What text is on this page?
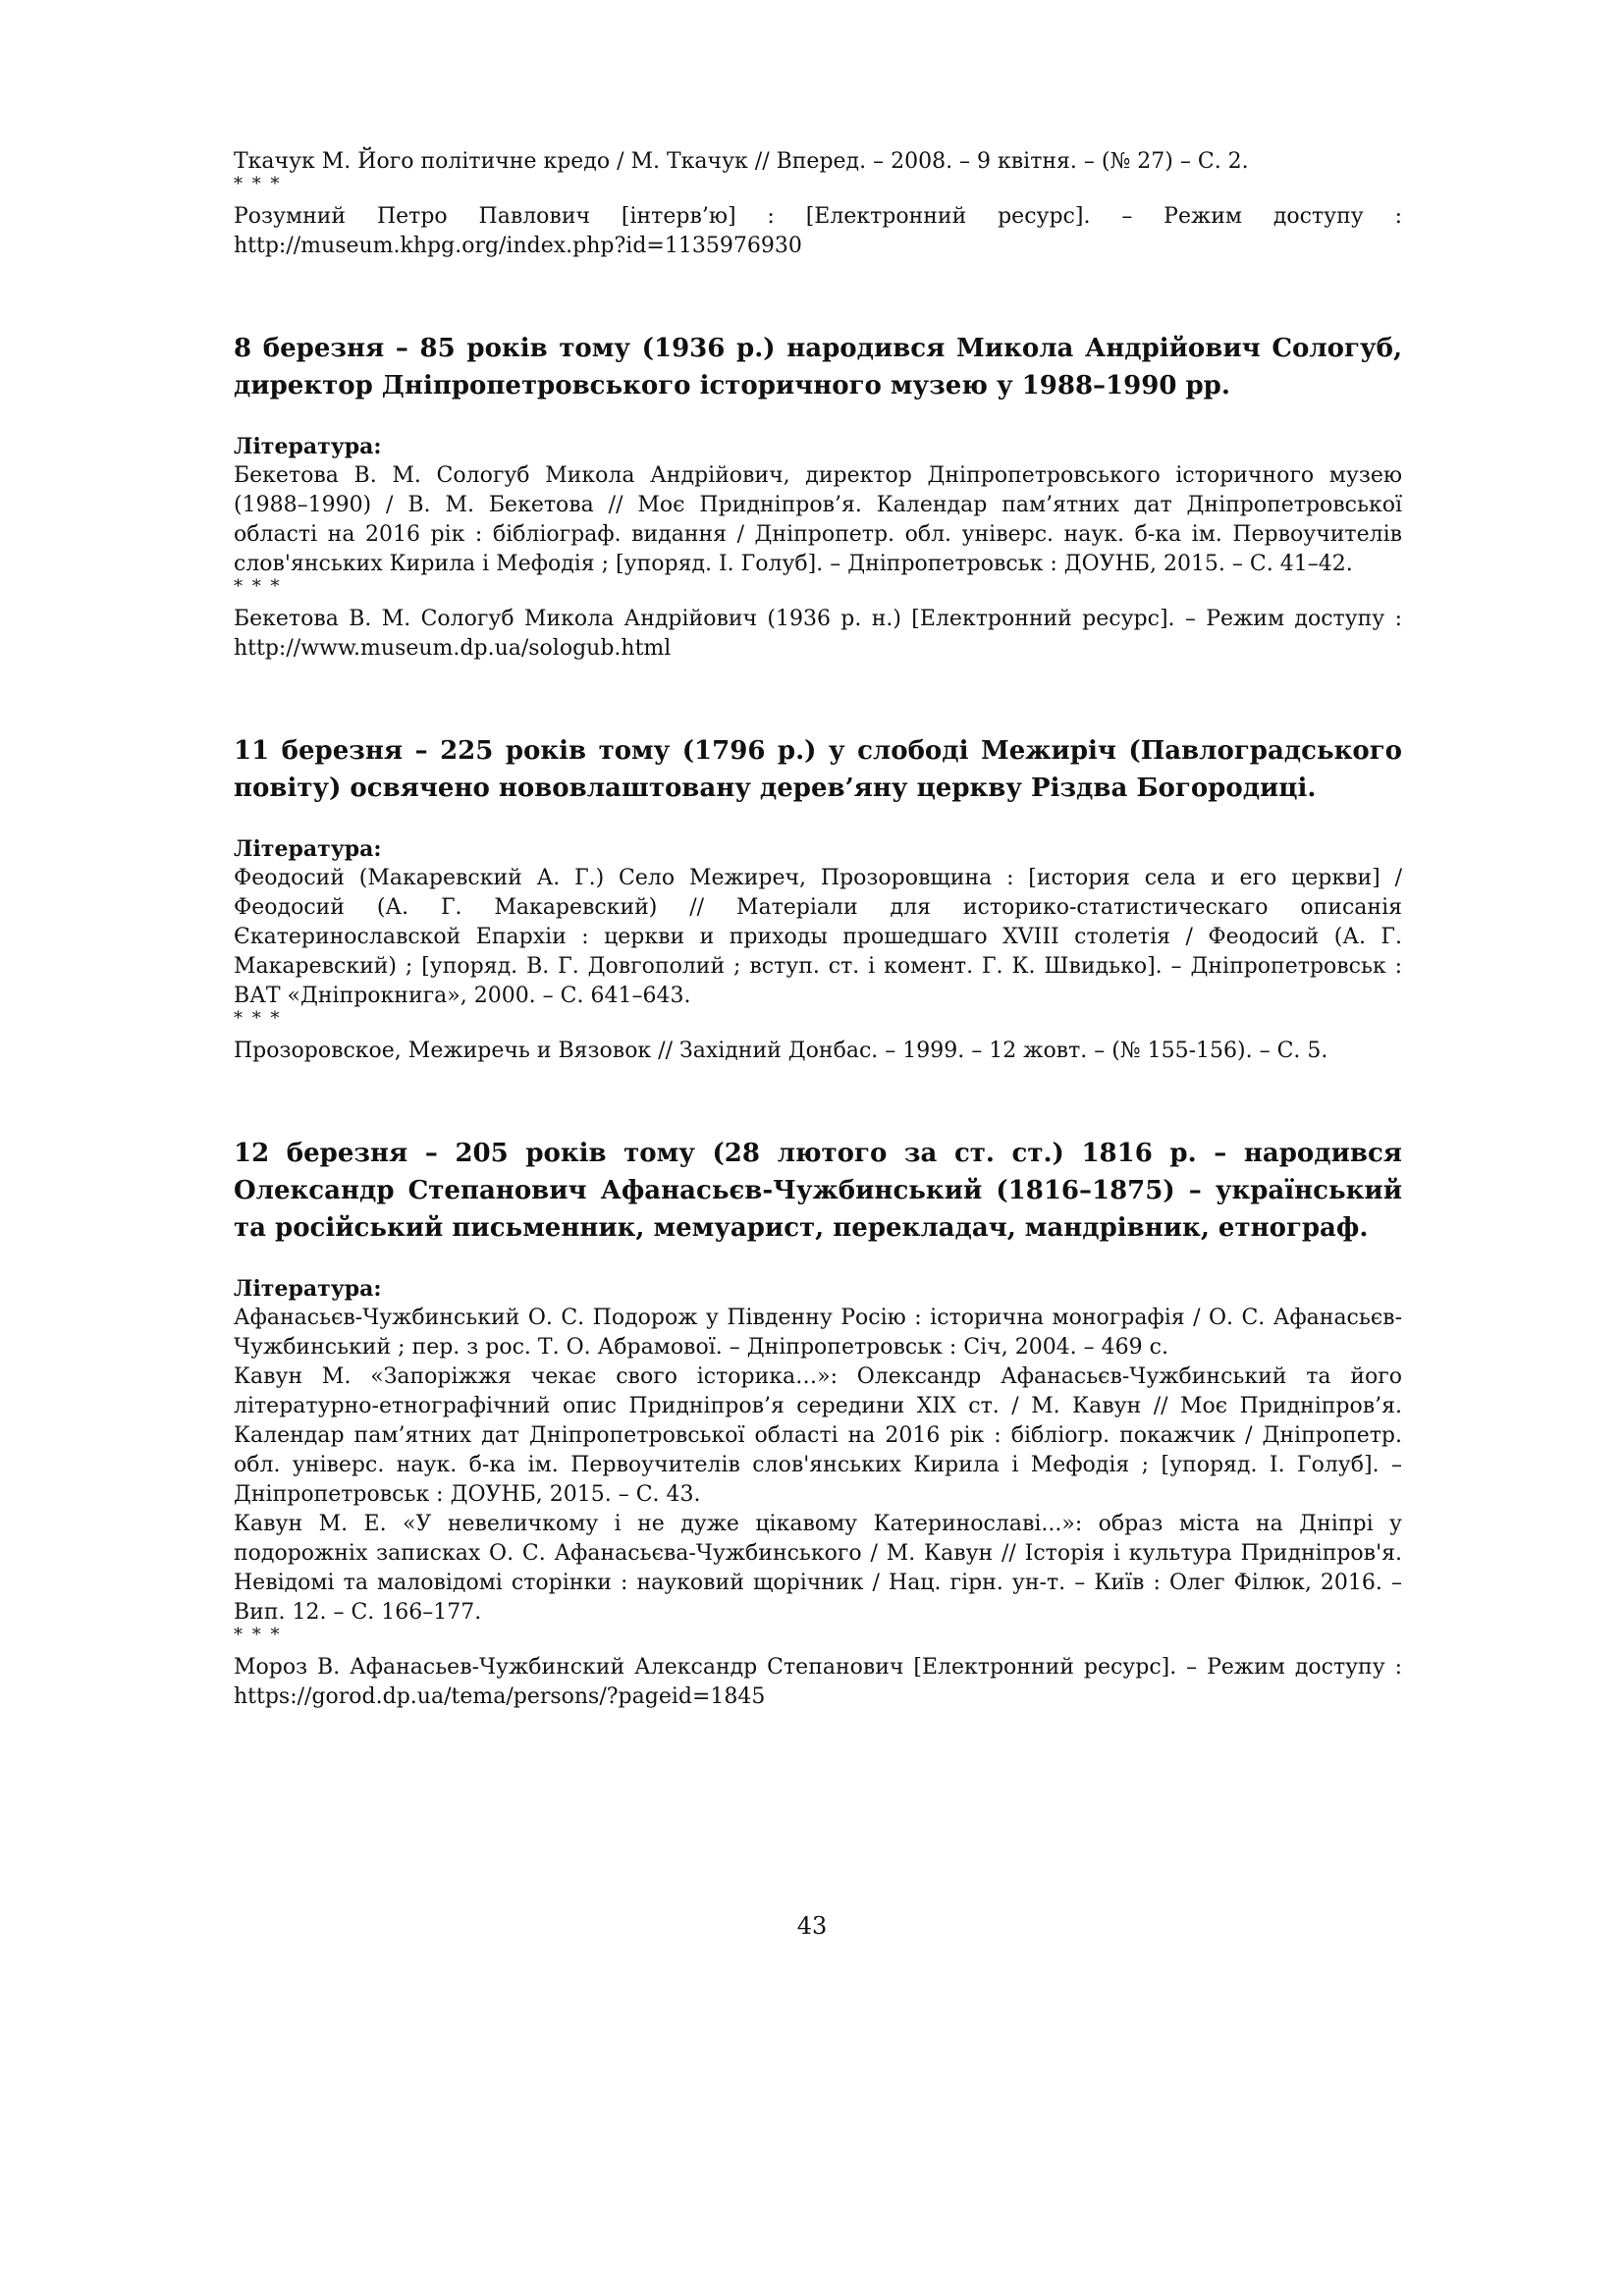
Ткачук М. Його політичне кредо / М. Ткачук // Вперед. – 2008. – 9 квітня. – (№ 27) – С. 2.

* * *

Розумний Петро Павлович [інтерв’ю] : [Електронний ресурс]. – Режим доступу : http://museum.khpg.org/index.php?id=1135976930

8 березня – 85 років тому (1936 р.) народився Микола Андрійович Сологуб, директор Дніпропетровського історичного музею у 1988–1990 рр.

Література:

Бекетова В. М. Сологуб Микола Андрійович, директор Дніпропетровського історичного музею (1988–1990) / В. М. Бекетова // Моє Придніпров’я. Календар пам’ятних дат Дніпропетровської області на 2016 рік : бібліограф. видання / Дніпропетр. обл. універс. наук. б-ка ім. Первоучителів слов'янських Кирила і Мефодія ; [упоряд. І. Голуб]. – Дніпропетровськ : ДОУНБ, 2015. – С. 41–42.

* * *

Бекетова В. М. Сологуб Микола Андрійович (1936 р. н.) [Електронний ресурс]. – Режим доступу : http://www.museum.dp.ua/sologub.html

11 березня – 225 років тому (1796 р.) у слободі Межиріч (Павлоградського повіту) освячено нововлаштовану дерев’яну церкву Різдва Богородиці.

Література:

Феодосий (Макаревский А. Г.) Село Межиреч, Прозоровщина : [история села и его церкви] / Феодосий (А. Г. Макаревский) // Матеріали для историко-статистическаго описанія Єкатеринославской Епархіи : церкви и приходы прошедшаго XVIII столетія / Феодосий (А. Г. Макаревский) ; [упоряд. В. Г. Довгополий ; вступ. ст. і комент. Г. К. Швидько]. – Дніпропетровськ : ВАТ «Дніпрокнига», 2000. – С. 641–643.

* * *

Прозоровское, Межиречь и Вязовок // Західний Донбас. – 1999. – 12 жовт. – (№ 155-156). – С. 5.

12 березня – 205 років тому (28 лютого за ст. ст.) 1816 р. – народився Олександр Степанович Афанасьєв-Чужбинський (1816–1875) – український та російський письменник, мемуарист, перекладач, мандрівник, етнограф.

Література:

Афанасьєв-Чужбинський О. С. Подорож у Південну Росію : історична монографія / О. С. Афанасьєв-Чужбинський ; пер. з рос. Т. О. Абрамової. – Дніпропетровськ : Січ, 2004. – 469 с.

Кавун М. «Запоріжжя чекає свого історика…»: Олександр Афанасьєв-Чужбинський та його літературно-етнографічний опис Придніпров’я середини XIX ст. / М. Кавун // Моє Придніпров’я. Календар пам’ятних дат Дніпропетровської області на 2016 рік : бібліогр. покажчик / Дніпропетр. обл. універс. наук. б-ка ім. Первоучителів слов'янських Кирила і Мефодія ; [упоряд. І. Голуб]. – Дніпропетровськ : ДОУНБ, 2015. – С. 43.

Кавун М. Е. «У невеличкому і не дуже цікавому Катеринославі...»: образ міста на Дніпрі у подорожніх записках О. С. Афанасьєва-Чужбинського / М. Кавун // Історія і культура Придніпров'я. Невідомі та маловідомі сторінки : науковий щорічник / Нац. гірн. ун-т. – Київ : Олег Філюк, 2016. – Вип. 12. – С. 166–177.

* * *

Мороз В. Афанасьев-Чужбинский Александр Степанович [Електронний ресурс]. – Режим доступу : https://gorod.dp.ua/tema/persons/?pageid=1845

43
